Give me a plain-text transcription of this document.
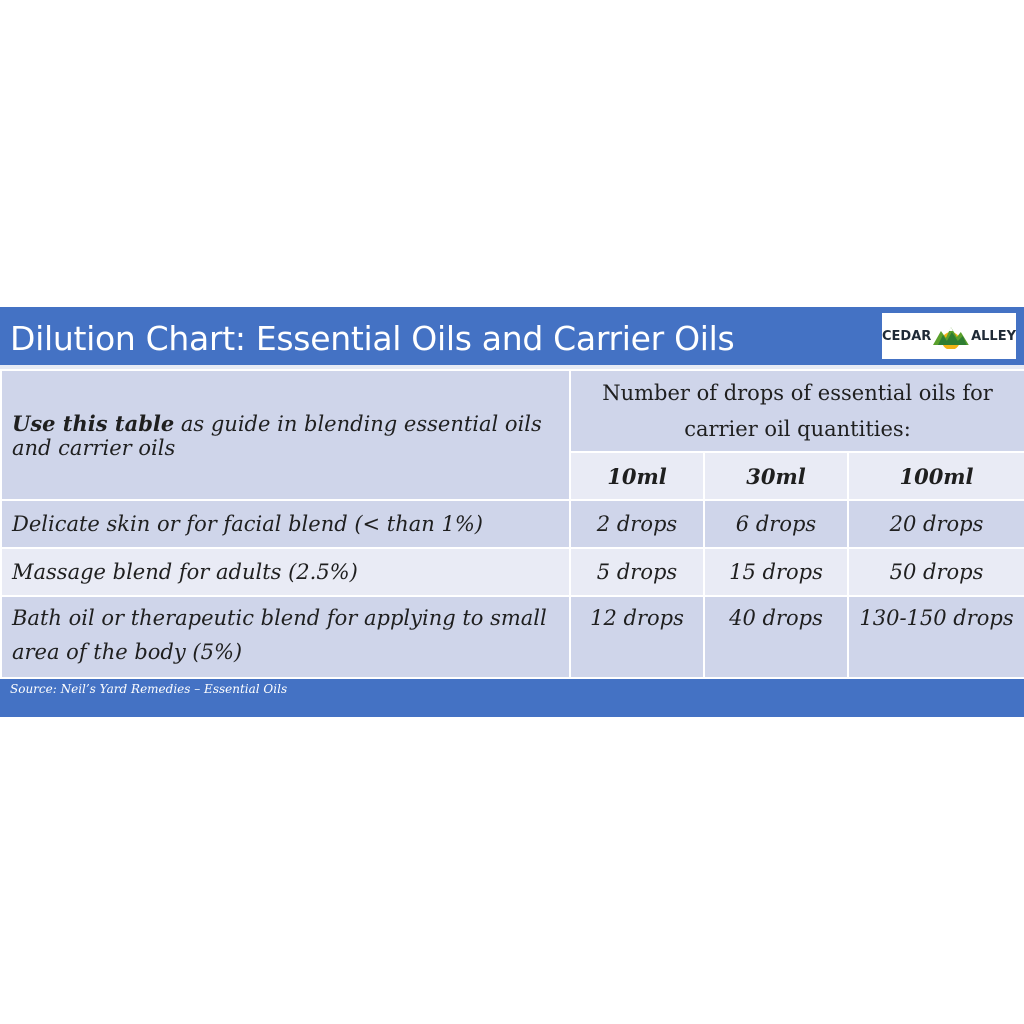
Dilution Chart: Essential Oils and Carrier Oils	CEDAR	ALLEY
Use this table as guide in blending essential oils and carrier oils	Number of drops of essential oils for carrier oil quantities:		
	10ml	30ml	100ml
Delicate skin or for facial blend (< than 1%)	2 drops	6 drops	20 drops
Massage blend for adults (2.5%)	5 drops	15 drops	50 drops
Bath oil or therapeutic blend for applying to small area of the body (5%)	12 drops	40 drops	130-150 drops
Source: Neil’s Yard Remedies – Essential Oils
